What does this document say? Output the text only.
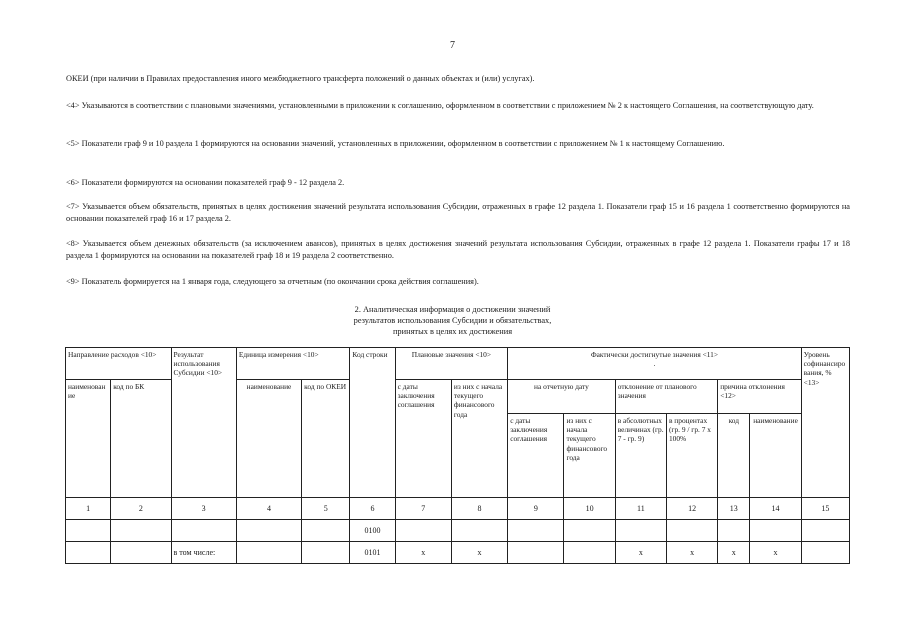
7
ОКЕИ (при наличии в Правилах предоставления иного межбюджетного трансферта положений о данных объектах и (или) услугах).
<4> Указываются в соответствии с плановыми значениями, установленными в приложении к соглашению, оформленном в соответствии с приложением № 2 к настоящего Соглашения, на соответствующую дату.
<5> Показатели граф 9 и 10 раздела 1 формируются на основании значений, установленных в приложении, оформленном в соответствии с приложением № 1 к настоящему Соглашению.
<6> Показатели формируются на основании показателей граф 9 - 12 раздела 2.
<7> Указывается объем обязательств, принятых в целях достижения значений результата использования Субсидии, отраженных в графе 12 раздела 1. Показатели граф 15 и 16 раздела 1 соответственно формируются на основании показателей граф 16 и 17 раздела 2.
<8> Указывается объем денежных обязательств (за исключением авансов), принятых в целях достижения значений результата использования Субсидии, отраженных в графе 12 раздела 1. Показатели графы 17 и 18 раздела 1 формируются на основании на показателей граф 18 и 19 раздела 2 соответственно.
<9> Показатель формируется на 1 января года, следующего за отчетным (по окончании срока действия соглашения).
2. Аналитическая информация о достижении значений
результатов использования Субсидии и обязательствах,
принятых в целях их достижения
Направление расходов <10>		Результат использования Субсидии <10>	Единица измерения <10>		Код строки	Плановые значения <10>		Фактически достигнутые значения <11>
.						Уровень софинансирования, % <13>
наименование	код по БК		наименование	код по ОКЕИ		с даты заключения соглашения	из них с начала текущего финансового года	на отчетную дату		отклонение от планового значения		причина отклонения <12>		
								с даты заключения соглашения	из них с начала текущего финансового года	в абсолютных величинах (гр. 7 - гр. 9)	в процентах (гр. 9 / гр. 7 х 100%	код	наименование	
1	2	3	4	5	6	7	8	9	10	11	12	13	14	15
					0100									
		в том числе:			0101	x	x			x	x	x	x	
